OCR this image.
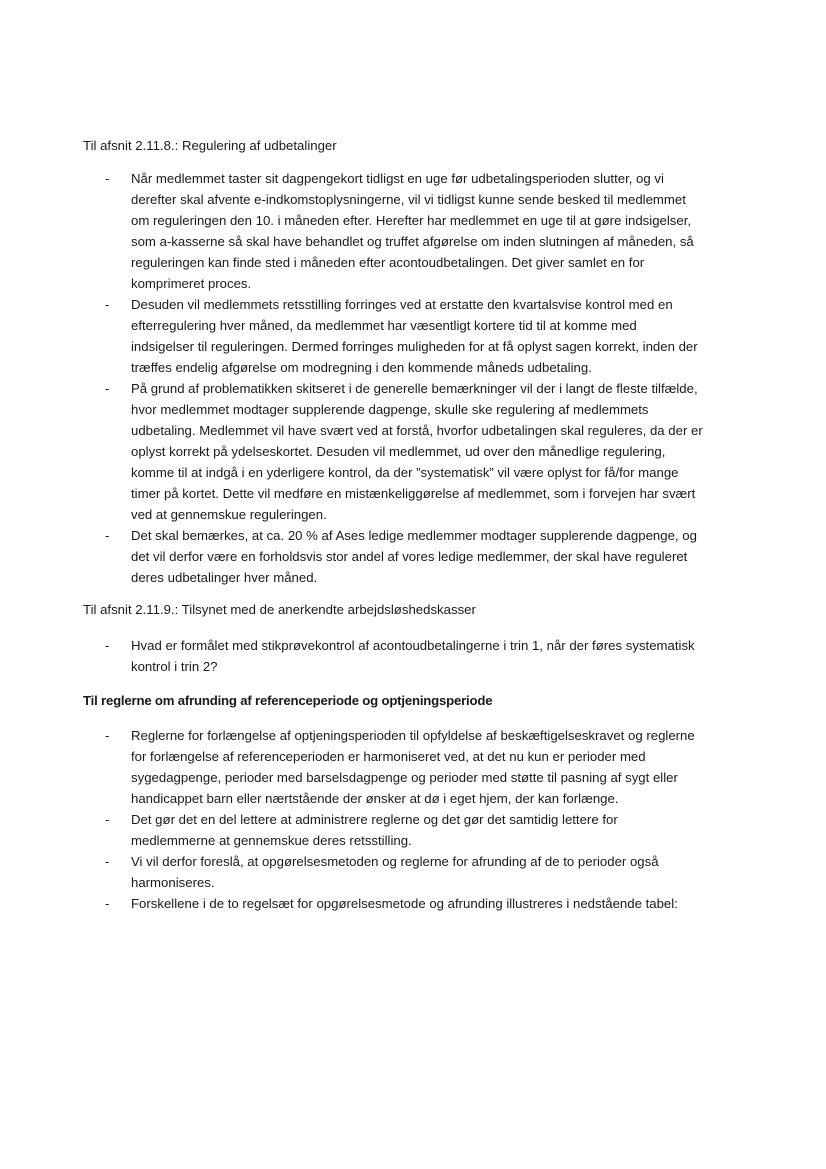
Til afsnit 2.11.8.: Regulering af udbetalinger

- Når medlemmet taster sit dagpengekort tidligst en uge før udbetalingsperioden slutter, og vi derefter skal afvente e-indkomstoplysningerne, vil vi tidligst kunne sende besked til medlemmet om reguleringen den 10. i måneden efter. Herefter har medlemmet en uge til at gøre indsigelser, som a-kasserne så skal have behandlet og truffet afgørelse om inden slutningen af måneden, så reguleringen kan finde sted i måneden efter acontoudbetalingen. Det giver samlet en for komprimeret proces.
- Desuden vil medlemmets retsstilling forringes ved at erstatte den kvartalsvise kontrol med en efterregulering hver måned, da medlemmet har væsentligt kortere tid til at komme med indsigelser til reguleringen. Dermed forringes muligheden for at få oplyst sagen korrekt, inden der træffes endelig afgørelse om modregning i den kommende måneds udbetaling.
- På grund af problematikken skitseret i de generelle bemærkninger vil der i langt de fleste tilfælde, hvor medlemmet modtager supplerende dagpenge, skulle ske regulering af medlemmets udbetaling. Medlemmet vil have svært ved at forstå, hvorfor udbetalingen skal reguleres, da der er oplyst korrekt på ydelseskortet. Desuden vil medlemmet, ud over den månedlige regulering, komme til at indgå i en yderligere kontrol, da der ”systematisk” vil være oplyst for få/for mange timer på kortet. Dette vil medføre en mistænkeliggørelse af medlemmet, som i forvejen har svært ved at gennemskue reguleringen.
- Det skal bemærkes, at ca. 20 % af Ases ledige medlemmer modtager supplerende dagpenge, og det vil derfor være en forholdsvis stor andel af vores ledige medlemmer, der skal have reguleret deres udbetalinger hver måned.

Til afsnit 2.11.9.: Tilsynet med de anerkendte arbejdsløshedskasser

- Hvad er formålet med stikprøvekontrol af acontoudbetalingerne i trin 1, når der føres systematisk kontrol i trin 2?

Til reglerne om afrunding af referenceperiode og optjeningsperiode

- Reglerne for forlængelse af optjeningsperioden til opfyldelse af beskæftigelseskravet og reglerne for forlængelse af referenceperioden er harmoniseret ved, at det nu kun er perioder med sygedagpenge, perioder med barselsdagpenge og perioder med støtte til pasning af sygt eller handicappet barn eller nærtstående der ønsker at dø i eget hjem, der kan forlænge.
- Det gør det en del lettere at administrere reglerne og det gør det samtidig lettere for medlemmerne at gennemskue deres retsstilling.
- Vi vil derfor foreslå, at opgørelsesmetoden og reglerne for afrunding af de to perioder også harmoniseres.
- Forskellene i de to regelsæt for opgørelsesmetode og afrunding illustreres i nedstående tabel:
